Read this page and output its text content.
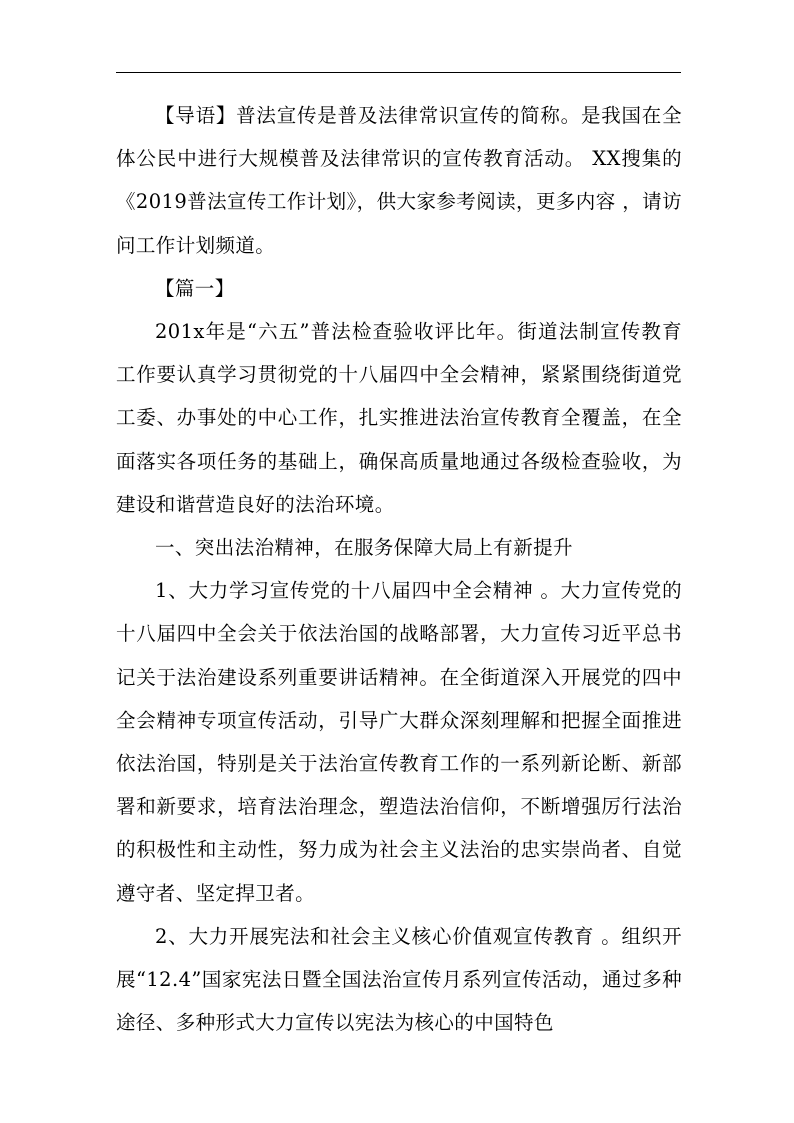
【导语】普法宣传是普及法律常识宣传的简称。是我国在全体公民中进行大规模普及法律常识的宣传教育活动。 XX搜集的《2019普法宣传工作计划》，供大家参考阅读，更多内容 ，请访问工作计划频道。

【篇一】

201x年是“六五”普法检查验收评比年。街道法制宣传教育工作要认真学习贯彻党的十八届四中全会精神，紧紧围绕街道党工委、办事处的中心工作，扎实推进法治宣传教育全覆盖，在全面落实各项任务的基础上，确保高质量地通过各级检查验收，为建设和谐营造良好的法治环境。

一、突出法治精神，在服务保障大局上有新提升

1、大力学习宣传党的十八届四中全会精神 。大力宣传党的十八届四中全会关于依法治国的战略部署，大力宣传习近平总书记关于法治建设系列重要讲话精神。在全街道深入开展党的四中全会精神专项宣传活动，引导广大群众深刻理解和把握全面推进依法治国，特别是关于法治宣传教育工作的一系列新论断、新部署和新要求，培育法治理念，塑造法治信仰，不断增强厉行法治的积极性和主动性，努力成为社会主义法治的忠实崇尚者、自觉遵守者、坚定捍卫者。

2、大力开展宪法和社会主义核心价值观宣传教育 。组织开展“12.4”国家宪法日暨全国法治宣传月系列宣传活动，通过多种途径、多种形式大力宣传以宪法为核心的中国特色
